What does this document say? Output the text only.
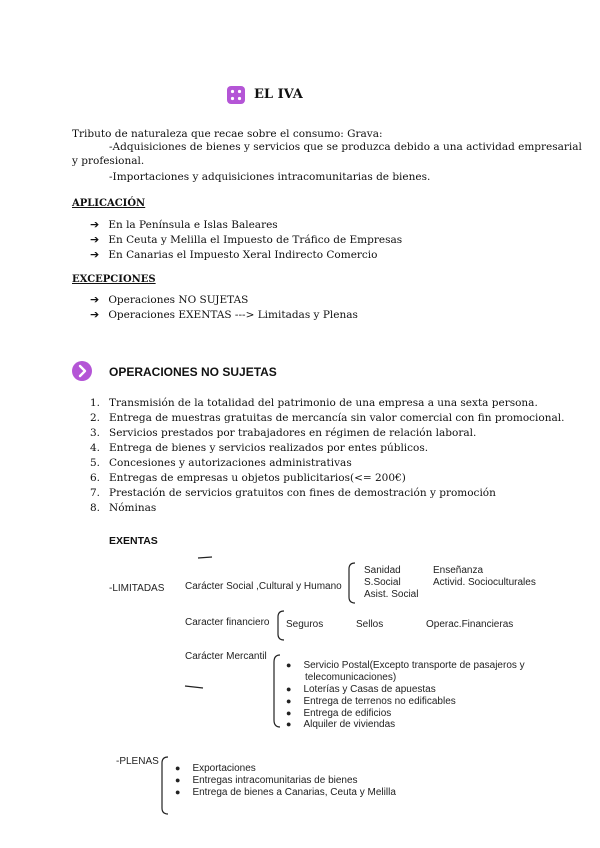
EL IVA
Tributo de naturaleza que recae sobre el consumo: Grava:
-Adquisiciones de bienes y servicios que se produzca debido a una actividad empresarial
y profesional.
-Importaciones y adquisiciones intracomunitarias de bienes.
APLICACIÓN
➔ En la Península e Islas Baleares
➔ En Ceuta y Melilla el Impuesto de Tráfico de Empresas
➔ En Canarias el Impuesto Xeral Indirecto Comercio
EXCEPCIONES
➔ Operaciones NO SUJETAS
➔ Operaciones EXENTAS ---> Limitadas y Plenas
OPERACIONES NO SUJETAS
1. Transmisión de la totalidad del patrimonio de una empresa a una sexta persona.
2. Entrega de muestras gratuitas de mercancía sin valor comercial con fin promocional.
3. Servicios prestados por trabajadores en régimen de relación laboral.
4. Entrega de bienes y servicios realizados por entes públicos.
5. Concesiones y autorizaciones administrativas
6. Entregas de empresas u objetos publicitarios(<= 200€)
7. Prestación de servicios gratuitos con fines de demostración y promoción
8. Nóminas
EXENTAS
-LIMITADAS Carácter Social ,Cultural y Humano
Sanidad
S.Social
Asist. Social
Enseñanza
Activid. Socioculturales
Caracter financiero Seguros	Sellos	Operac.Financieras
Carácter Mercantil
● Servicio Postal(Excepto transporte de pasajeros y
telecomunicaciones)
● Loterías y Casas de apuestas
● Entrega de terrenos no edificables
● Entrega de edificios
● Alquiler de viviendas
-PLENAS
● Exportaciones
● Entregas intracomunitarias de bienes
● Entrega de bienes a Canarias, Ceuta y Melilla
